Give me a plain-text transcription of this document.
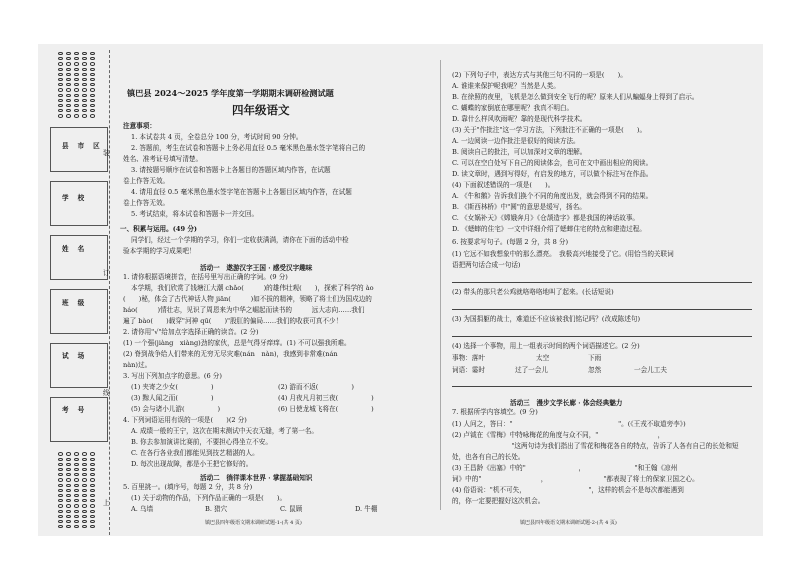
县市区
学校
姓名
班级
试场
考号
装
订
线
上
镇巴县 2024～2025 学年度第一学期期末调研检测试题
四年级语文
注意事项：
1. 本试卷共 4 页，全卷总分 100 分，考试时间 90 分钟。
2. 答题前，考生在试卷和答题卡上务必用直径 0.5 毫米黑色墨水签字笔将自己的
姓名、准考证号填写清楚。
3. 请按题号顺序在试卷和答题卡上各题目的答题区域内作答，在试题
卷上作答无效。
4. 请用直径 0.5 毫米黑色墨水签字笔在答题卡上各题目区域内作答，在试题
卷上作答无效。
5. 考试结束，将本试卷和答题卡一并交回。
一、积累与运用。(49 分)
同学们，经过一个学期的学习，你们一定收获满满，请你在下面的活动中检
验本学期的学习成果吧！
活动一　遨游汉字王国 · 感受汉字趣味
1. 请你根据语境拼音，在括号里写出正确的字词。(9 分)
本学期，我们欣赏了钱塘江大潮 chǎo(　　　)的雄伟壮观(　　)，探索了科学的 ào
(　　)秘，体会了古代神话人物 jiān(　　　)如不拔的精神，领略了将士们为国戍边的
háo(　　　)情壮志，见识了周恩来为中华之崛起而读书的　　　远大志向……我们
遍了 bào(　　)载穿"河神 qū(　　)"股肛的偏局……我们的收获可真不少！
2. 请你用"√"给加点字选择正确的读音。(2 分)
(1) 一个强(jiàng　xiàng)劲的家伙，总是气得牙痒痒。(1) 不可以强我所难。
(2) 脊到战争给人们带来的无穷无尽灾难(nán　nàn)，我感到非常难(nán
nàn)过。
3. 写出下列加点字的意思。(6 分)
(1) 夹寄之少女(　　　　　)	(2) 游而不返(　　　　　)
(3) 黥人闻之而(　　　　　)	(4) 月夜凡月初三夜(　　　　　)
(5) 会与诸小儿游(　　　　　)	(6) 日使龙城飞将在(　　　　　)
4. 下列词语运用有误的一项是(　　)(2 分)
A. 成绩一般的王宁，这次在期末测试中天衣无缝，考了第一名。
B. 你去参加演讲比赛前，不要担心得坐立不安。
C. 在各行各业我们都能见到技艺精湛的人。
D. 每次出现故障，都是小王把它修好的。
活动二　徜徉课本世界 · 掌握基础知识
5. 百里挑一。(填序号，每题 2 分，共 8 分)
(1) 关于动物的作品，下列作品正确的一项是(　　)。
A. 乌墙	B. 猎穴	C. 鼠顾	D. 牛棚
镇巴县四年级语文期末调研试题-1-(共 4 页)
(2) 下列句子中，表达方式与其他三句不同的一项是(　　)。
A. 谁谁来保护呢我呢？当然是人类。
B. 在徐照的夜里，飞机是怎么做到安全飞行的呢？原来人们从蝙蝠身上得到了启示。
C. 蝴蝶的家倒底在哪里呢？我真不明白。
D. 靠什么样风吹雨呢？靠的是现代科学技术。
(3) 关于"作批注"这一学习方法，下列批注不正确的一项是(　　)。
A. 一边阅读一边作批注是很好的阅读方法。
B. 阅读自己的批注，可以加深对文章的理解。
C. 可以在空白处写下自己的阅读体会，也可在文中画出相应的阅读。
D. 读文章时，遇到写得好，有启发的地方，可以做个标注写在作品。
(4) 下面叙述错误的一项是(　　)。
A. 《牛和鹅》告诉我们换个不同的角度出发，就会得到不同的结果。
B. 《斯西林桥》中"圆"的意思是缓写，扬名。
C. 《女娲补天》《嫦娥奔月》《仓颉造字》都是我国的神话故事。
D. 《蟋蟀的住宅》一文中详细介绍了蟋蟀住宅的特点和建造过程。
6. 按要求写句子。(每题 2 分，共 8 分)
(1) 它远不如我想象中的那么漂亮。　我极高兴地接受了它。(用恰当的关联词
语把两句话合成一句话)
(2) 带头的那只老公鸡就咯咯咯地叫了起来。(长话短说)
(3) 为国捐躯的战士，难道还不应该被我们铭记吗？(改成陈述句)
(4) 选择一个事物，用上一组表示时间的两个词语描述它。(2 分)
事物：落叶	太空	下雨
词语：霎时	过了一会儿	忽然	一会儿工夫
活动三　漫步文学长廊 · 体会经典魅力
7. 根据所学内容填空。(9 分)
(1) 人问之，答曰："　　　　　　　　　　　　　　　　"。(《王戎不取道旁李》)
(2) 卢钺在《雪梅》中特咏梅花的角度与众不同，"　　　　　　　　　，
　　　　　　　　　"这两句诗为我们指出了雪花和梅花各自的特点，告诉了人各有自己的长处和短
处，也各有自己的长处。
(3) 王昌龄《出塞》中的"　　　　　　　　，　　　　　　　　"和王翰《凉州
词》中的"　　　　　　　　　，　　　　　　　　　"都表现了将士的保家卫国之心。
(4) 俗语说："机不可失，　　　　　　　　　　"，这样的机会不是每次都能遇到
的，你一定要把握好这次机会。
镇巴县四年级语文期末调研试题-2-(共 4 页)
